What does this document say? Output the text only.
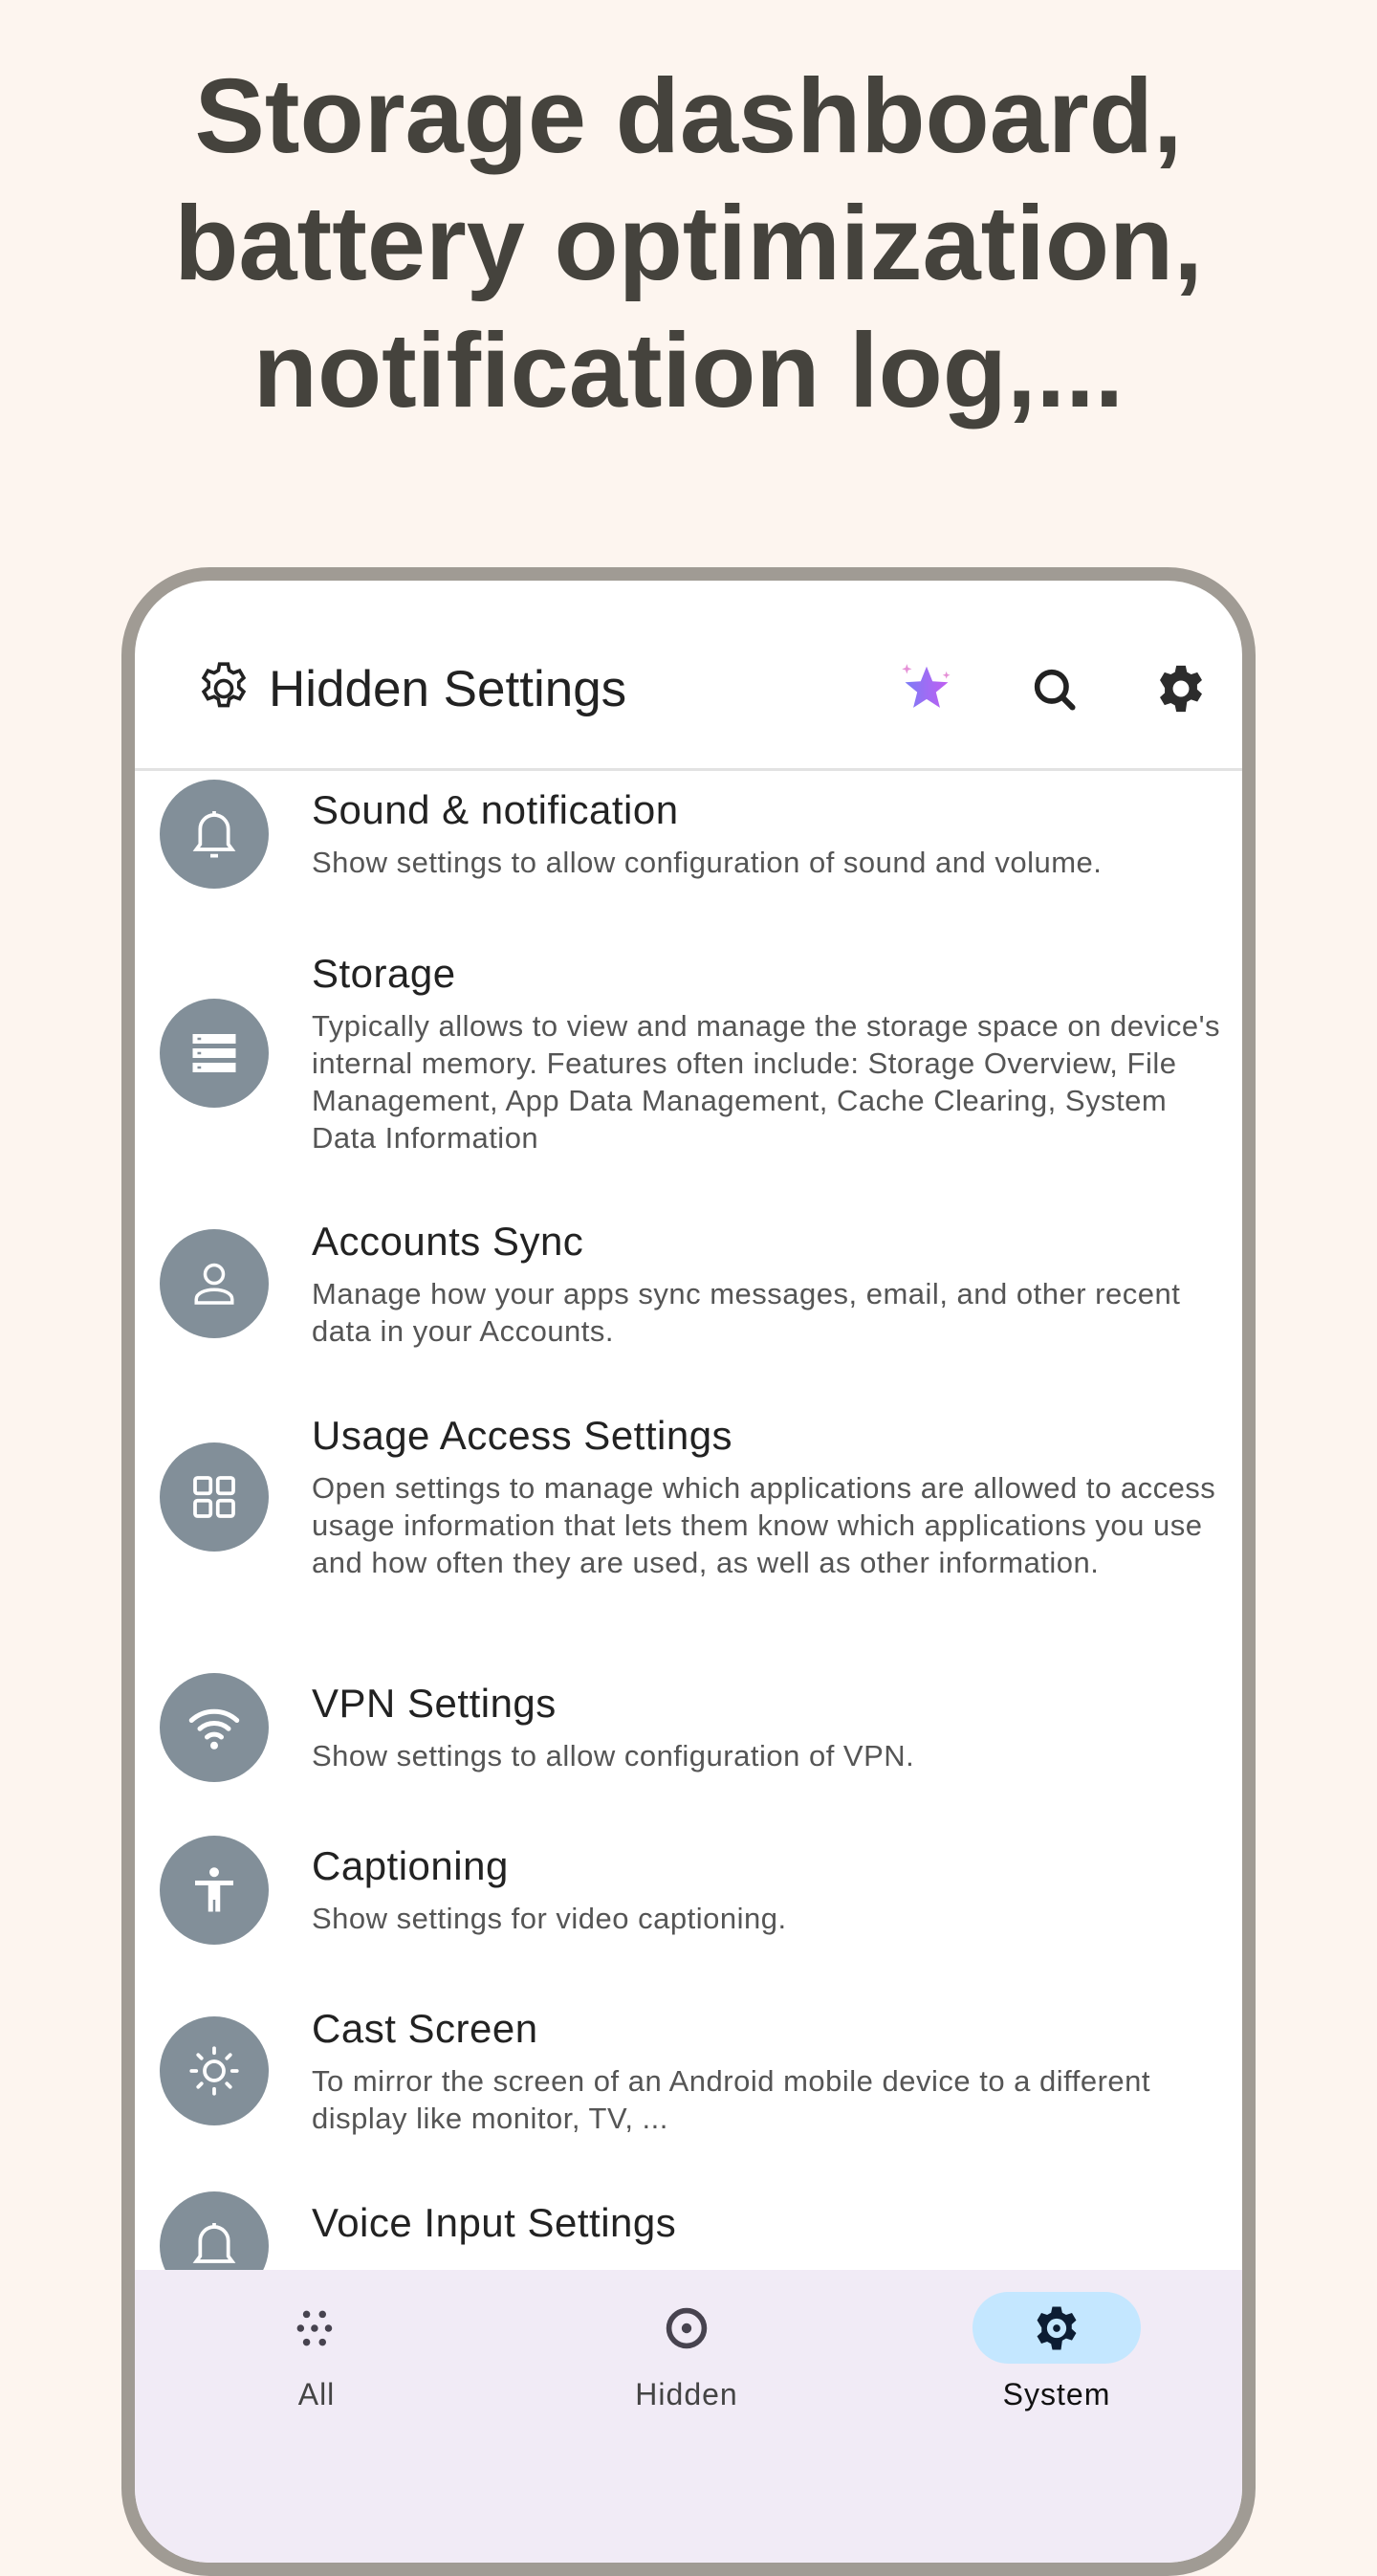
Storage dashboard,
battery optimization,
notification log,...
Hidden Settings
Sound & notification
Show settings to allow configuration of sound and volume.
Storage
Typically allows to view and manage the storage space on device's internal memory. Features often include: Storage Overview, File Management, App Data Management, Cache Clearing, System Data Information
Accounts Sync
Manage how your apps sync messages, email, and other recent data in your Accounts.
Usage Access Settings
Open settings to manage which applications are allowed to access usage information that lets them know which applications you use and how often they are used, as well as other information.
VPN Settings
Show settings to allow configuration of VPN.
Captioning
Show settings for video captioning.
Cast Screen
To mirror the screen of an Android mobile device to a different display like monitor, TV, ...
Voice Input Settings
All	Hidden	System
